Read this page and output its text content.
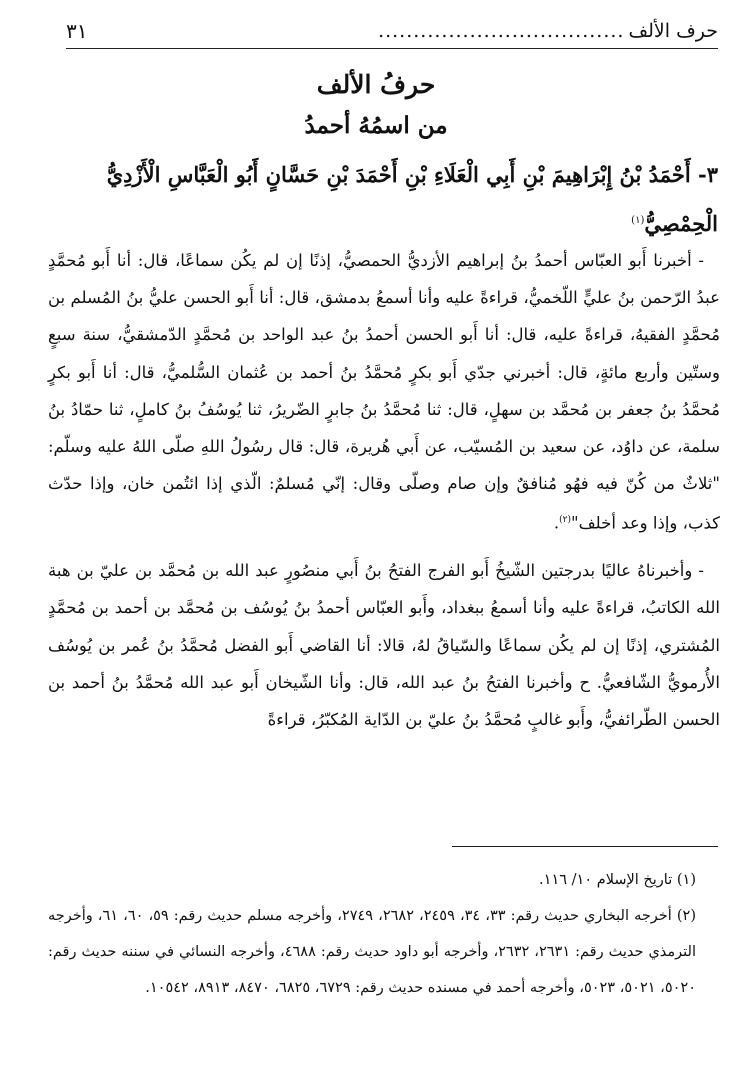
حرف الألف
...................................
٣١
حرفُ الألف
من اسمُهُ أحمدُ
٣- أَحْمَدُ بْنُ إِبْرَاهِيمَ بْنِ أَبِي الْعَلَاءِ بْنِ أَحْمَدَ بْنِ حَسَّانٍ أَبُو الْعَبَّاسِ الْأَزْدِيُّ الْحِمْصِيُّ$^{(١)}$

- أخبرنا أَبو العبّاس أحمدُ بنُ إبراهيم الأزديُّ الحمصيُّ، إذنًا إن لم يكُن سماعًا، قال: أنا أَبو مُحمَّدٍ عبدُ الرّحمن بنُ عليٍّ اللّخميُّ، قراءةً عليه وأنا أسمعُ بدمشق، قال: أنا أَبو الحسن عليُّ بنُ المُسلم بن مُحمَّدٍ الفقيهُ، قراءةً عليه، قال: أنا أَبو الحسن أحمدُ بنُ عبد الواحد بن مُحمَّدٍ الدّمشقيُّ، سنة سبعٍ وستّين وأربع مائةٍ، قال: أخبرني جدّي أَبو بكرٍ مُحمَّدُ بنُ أحمد بن عُثمان السُّلميُّ، قال: أنا أَبو بكرٍ مُحمَّدُ بنُ جعفر بن مُحمَّد بن سهلٍ، قال: ثنا مُحمَّدُ بنُ جابرٍ الضّريرُ، ثنا يُوسُفُ بنُ كاملٍ، ثنا حمّادُ بنُ سلمة، عن داوُد، عن سعيد بن المُسيّب، عن أَبي هُريرة، قال: قال رسُولُ اللهِ صلّى اللهُ عليه وسلّم: "ثلاثٌ من كُنّ فيه فهُو مُنافقٌ وإن صام وصلّى وقال: إنّي مُسلمٌ: الّذي إذا ائتُمن خان، وإذا حدّث كذب، وإذا وعد أخلف"$^{(٢)}$.

- وأخبرناهُ عاليًا بدرجتين الشّيخُ أَبو الفرج الفتحُ بنُ أَبي منصُورٍ عبد الله بن مُحمَّد بن عليّ بن هبة الله الكاتبُ، قراءةً عليه وأنا أسمعُ ببغداد، وأَبو العبّاس أحمدُ بنُ يُوسُف بن مُحمَّد بن أحمد بن مُحمَّدٍ المُشتري، إذنًا إن لم يكُن سماعًا والسّياقُ لهُ، قالا: أنا القاضي أَبو الفضل مُحمَّدُ بنُ عُمر بن يُوسُف الأُرمويُّ الشّافعيُّ. ح وأخبرنا الفتحُ بنُ عبد الله، قال: وأنا الشّيخان أَبو عبد الله مُحمَّدُ بنُ أحمد بن الحسن الطّرائفيُّ، وأَبو غالبٍ مُحمَّدُ بنُ عليّ بن الدّاية المُكبّرُ، قراءةً

(١) تاريخ الإسلام ١٠/ ١١٦.

(٢) أخرجه البخاري حديث رقم: ٣٣، ٣٤، ٢٤٥٩، ٢٦٨٢، ٢٧٤٩، وأخرجه مسلم حديث رقم: ٥٩، ٦٠، ٦١، وأخرجه الترمذي حديث رقم: ٢٦٣١، ٢٦٣٢، وأخرجه أبو داود حديث رقم: ٤٦٨٨، وأخرجه النسائي في سننه حديث رقم: ٥٠٢٠، ٥٠٢١، ٥٠٢٣، وأخرجه أحمد في مسنده حديث رقم: ٦٧٢٩، ٦٨٢٥، ٨٤٧٠، ٨٩١٣، ١٠٥٤٢.
